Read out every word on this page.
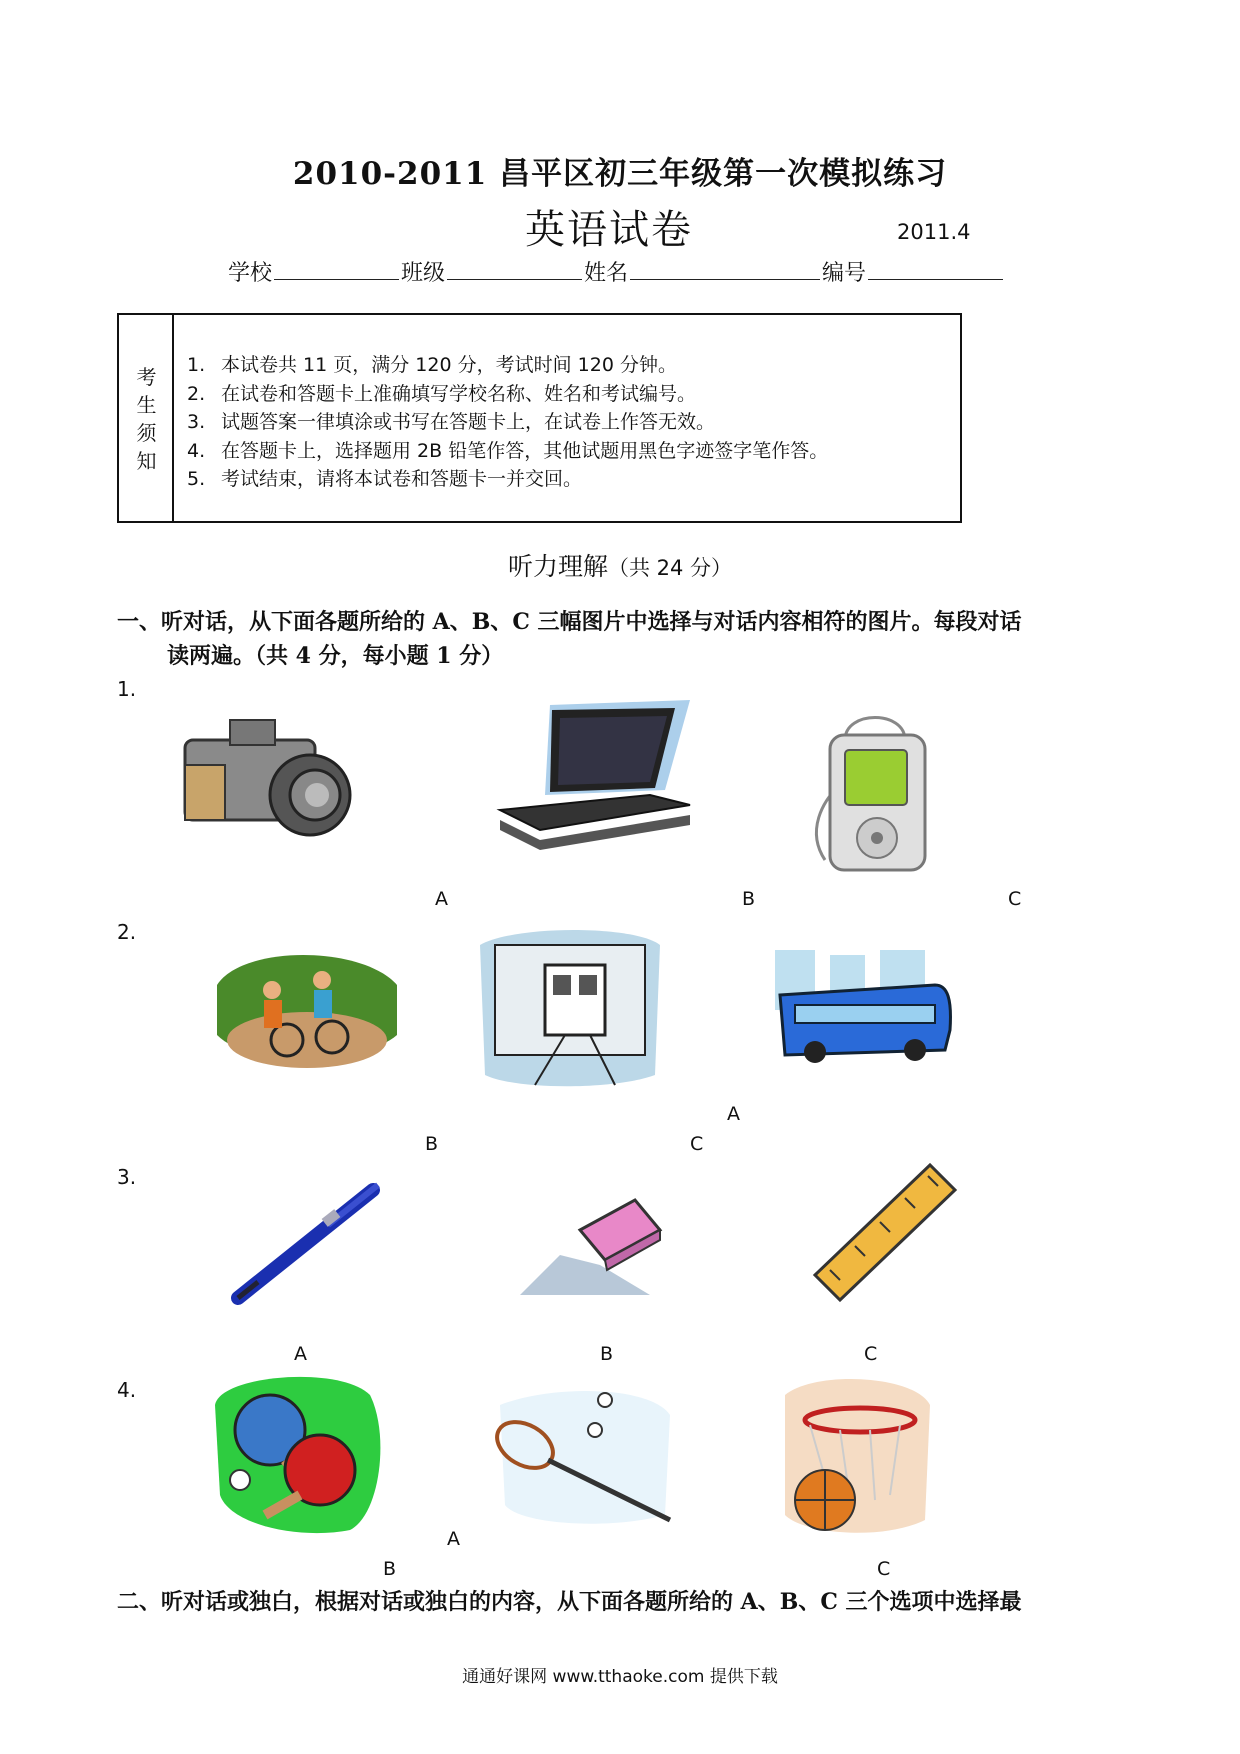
2010-2011 昌平区初三年级第一次模拟练习
英语试卷	2011.4
学校	班级	姓名	编号
考
生
须
知
1. 本试卷共 11 页，满分 120 分，考试时间 120 分钟。
2. 在试卷和答题卡上准确填写学校名称、姓名和考试编号。
3. 试题答案一律填涂或书写在答题卡上，在试卷上作答无效。
4. 在答题卡上，选择题用 2B 铅笔作答，其他试题用黑色字迹签字笔作答。
5. 考试结束，请将本试卷和答题卡一并交回。
听力理解（共 24 分）
一、听对话，从下面各题所给的 A、B、C 三幅图片中选择与对话内容相符的图片。每段对话
读两遍。（共 4 分，每小题 1 分）
1.
2.
3.
4.
A	B	C
A
B	C
A	B	C
A
B	C
二、听对话或独白，根据对话或独白的内容，从下面各题所给的 A、B、C 三个选项中选择最
通通好课网 www.tthaoke.com 提供下载
